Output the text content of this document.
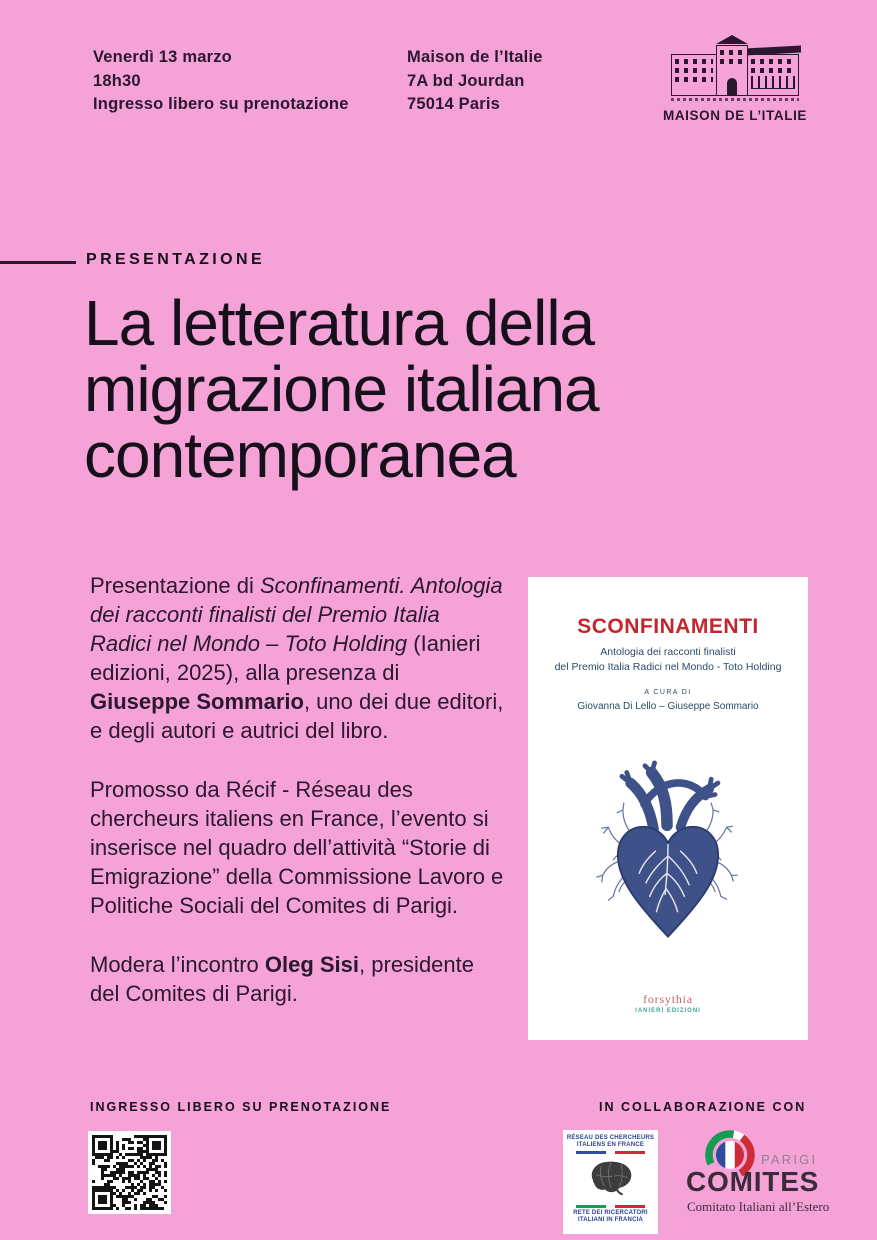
Venerdì 13 marzo
18h30
Ingresso libero su prenotazione
Maison de l’Italie
7A bd Jourdan
75014 Paris
MAISON DE L’ITALIE
PRESENTAZIONE
La letteratura della
migrazione italiana
contemporanea

Presentazione di Sconfinamenti. Antologia dei racconti finalisti del Premio Italia Radici nel Mondo – Toto Holding (Ianieri edizioni, 2025), alla presenza di Giuseppe Sommario, uno dei due editori, e degli autori e autrici del libro.

Promosso da Récif - Réseau des chercheurs italiens en France, l’evento si inserisce nel quadro dell’attività “Storie di Emigrazione” della Commissione Lavoro e Politiche Sociali del Comites di Parigi.

Modera l’incontro Oleg Sisi, presidente del Comites di Parigi.

SCONFINAMENTI
Antologia dei racconti finalisti
del Premio Italia Radici nel Mondo - Toto Holding
A CURA DI
Giovanna Di Lello – Giuseppe Sommario
forsythia
IANIERI EDIZIONI
INGRESSO LIBERO SU PRENOTAZIONE	IN COLLABORAZIONE CON
RÉSEAU DES CHERCHEURS
ITALIENS EN FRANCE
RETE DEI RICERCATORI
ITALIANI IN FRANCIA
PARIGI
COMITES
Comitato Italiani all’Estero
